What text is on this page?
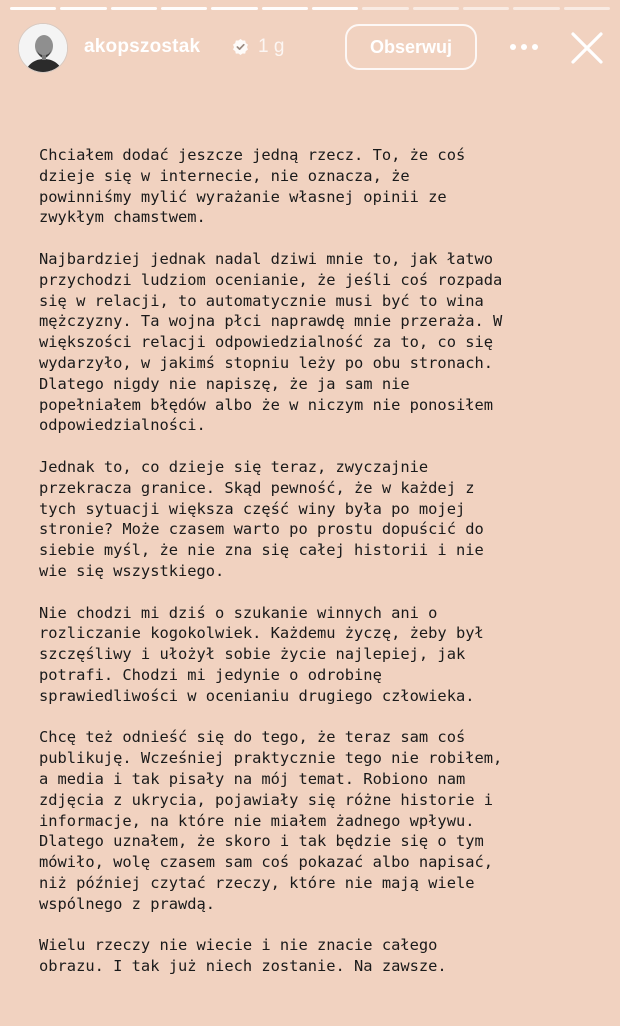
akopszostak	1 g	Obserwuj
Chciałem dodać jeszcze jedną rzecz. To, że coś
dzieje się w internecie, nie oznacza, że
powinniśmy mylić wyrażanie własnej opinii ze
zwykłym chamstwem.
Najbardziej jednak nadal dziwi mnie to, jak łatwo
przychodzi ludziom ocenianie, że jeśli coś rozpada
się w relacji, to automatycznie musi być to wina
mężczyzny. Ta wojna płci naprawdę mnie przeraża. W
większości relacji odpowiedzialność za to, co się
wydarzyło, w jakimś stopniu leży po obu stronach.
Dlatego nigdy nie napiszę, że ja sam nie
popełniałem błędów albo że w niczym nie ponosiłem
odpowiedzialności.
Jednak to, co dzieje się teraz, zwyczajnie
przekracza granice. Skąd pewność, że w każdej z
tych sytuacji większa część winy była po mojej
stronie? Może czasem warto po prostu dopuścić do
siebie myśl, że nie zna się całej historii i nie
wie się wszystkiego.
Nie chodzi mi dziś o szukanie winnych ani o
rozliczanie kogokolwiek. Każdemu życzę, żeby był
szczęśliwy i ułożył sobie życie najlepiej, jak
potrafi. Chodzi mi jedynie o odrobinę
sprawiedliwości w ocenianiu drugiego człowieka.
Chcę też odnieść się do tego, że teraz sam coś
publikuję. Wcześniej praktycznie tego nie robiłem,
a media i tak pisały na mój temat. Robiono nam
zdjęcia z ukrycia, pojawiały się różne historie i
informacje, na które nie miałem żadnego wpływu.
Dlatego uznałem, że skoro i tak będzie się o tym
mówiło, wolę czasem sam coś pokazać albo napisać,
niż później czytać rzeczy, które nie mają wiele
wspólnego z prawdą.
Wielu rzeczy nie wiecie i nie znacie całego
obrazu. I tak już niech zostanie. Na zawsze.
